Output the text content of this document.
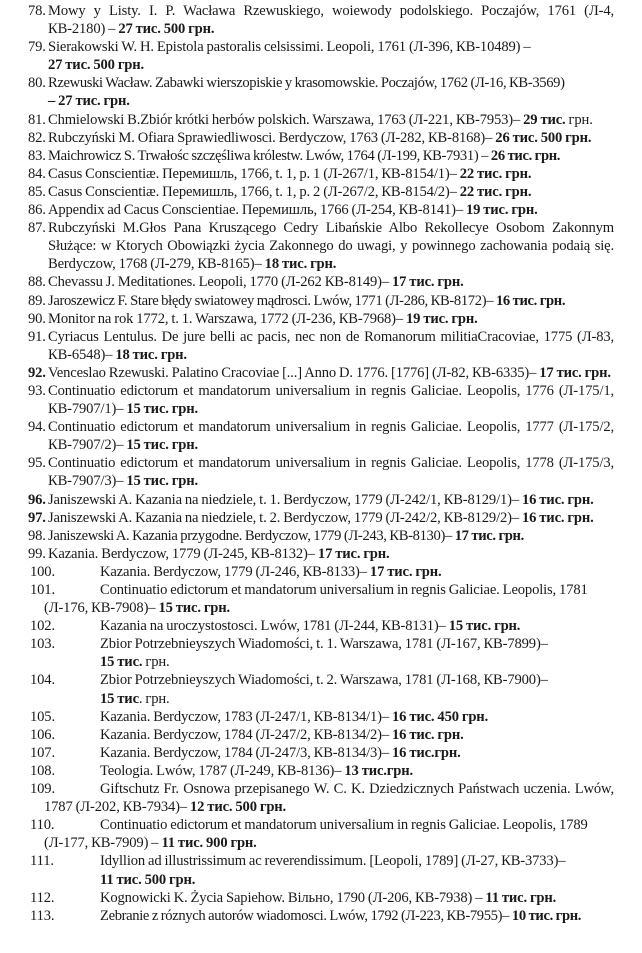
78. Mowy y Listy. I. P. Wacława Rzewuskiego, woiewody podolskiego. Poczajów, 1761 (Л-4, КВ-2180) – 27 тис. 500 грн.
79. Sierakowski W. H. Epistola pastoralis celsissimi. Leopoli, 1761 (Л-396, КВ-10489) –
27 тис. 500 грн.
80. Rzewuski Wacław. Zabawki wierszopiskie y krasomowskie. Poczajów, 1762 (Л-16, КВ-3569)
– 27 тис. грн.
81. Chmielowski B.Zbiór krótki herbów polskich. Warszawa, 1763 (Л-221, КВ-7953)– 29 тис. грн.
82. Rubczyński M. Ofiara Sprawiedliwosci. Berdyczow, 1763 (Л-282, КВ-8168)– 26 тис. 500 грн.
83. Maichrowicz S. Trwałośc szczęśliwa królestw. Lwów, 1764 (Л-199, КВ-7931) – 26 тис. грн.
84. Casus Conscientiæ. Перемишль, 1766, t. 1, p. 1 (Л-267/1, КВ-8154/1)– 22 тис. грн.
85. Casus Conscientiæ. Перемишль, 1766, t. 1, p. 2 (Л-267/2, КВ-8154/2)– 22 тис. грн.
86. Appendix ad Cacus Conscientiae. Перемишль, 1766 (Л-254, КВ-8141)– 19 тис. грн.
87. Rubczyński M.Głos Pana Kruszącego Cedry Libańskie Albo Rekollecye Osobom Zakonnym Służące: w Ktorych Obowiązki życia Zakonnego do uwagi, y powinnego zachowania podaią się. Berdyczow, 1768 (Л-279, КВ-8165)– 18 тис. грн.
88. Chevassu J. Meditationes. Leopoli, 1770 (Л-262 КВ-8149)– 17 тис. грн.
89. Jaroszewicz F. Stare błędy swiatowey mądrosci. Lwów, 1771 (Л-286, КВ-8172)– 16 тис. грн.
90. Monitor na rok 1772, t. 1. Warszawa, 1772 (Л-236, КВ-7968)– 19 тис. грн.
91. Cyriacus Lentulus. De jure belli ac pacis, nec non de Romanorum militiaCracoviae, 1775 (Л-83, КВ-6548)– 18 тис. грн.
92. Venceslao Rzewuski. Palatino Cracoviae [...] Anno D. 1776. [1776] (Л-82, КВ-6335)– 17 тис. грн.
93. Continuatio edictorum et mandatorum universalium in regnis Galiciae. Leopolis, 1776 (Л-175/1, КВ-7907/1)– 15 тис. грн.
94. Continuatio edictorum et mandatorum universalium in regnis Galiciae. Leopolis, 1777 (Л-175/2, КВ-7907/2)– 15 тис. грн.
95. Continuatio edictorum et mandatorum universalium in regnis Galiciae. Leopolis, 1778 (Л-175/3, КВ-7907/3)– 15 тис. грн.
96. Janiszewski A. Kazania na niedziele, t. 1. Berdyczow, 1779 (Л-242/1, КВ-8129/1)– 16 тис. грн.
97. Janiszewski A. Kazania na niedziele, t. 2. Berdyczow, 1779 (Л-242/2, КВ-8129/2)– 16 тис. грн.
98. Janiszewski A. Kazania przygodne. Berdyczow, 1779 (Л-243, КВ-8130)– 17 тис. грн.
99. Kazania. Berdyczow, 1779 (Л-245, КВ-8132)– 17 тис. грн.
100.	Kazania. Berdyczow, 1779 (Л-246, КВ-8133)– 17 тис. грн.
101.	Continuatio edictorum et mandatorum universalium in regnis Galiciae. Leopolis, 1781 (Л-176, КВ-7908)– 15 тис. грн.
102.	Kazania na uroczystostosci. Lwów, 1781 (Л-244, КВ-8131)– 15 тис. грн.
103.	Zbior Potrzebnieyszych Wiadomości, t. 1. Warszawa, 1781 (Л-167, КВ-7899)–
15 тис. грн.
104.	Zbior Potrzebnieyszych Wiadomości, t. 2. Warszawa, 1781 (Л-168, КВ-7900)–
15 тис. грн.
105.	Kazania. Berdyczow, 1783 (Л-247/1, КВ-8134/1)– 16 тис. 450 грн.
106.	Kazania. Berdyczow, 1784 (Л-247/2, КВ-8134/2)– 16 тис. грн.
107.	Kazania. Berdyczow, 1784 (Л-247/3, КВ-8134/3)– 16 тис.грн.
108.	Teologia. Lwów, 1787 (Л-249, КВ-8136)– 13 тис.грн.
109.	Giftschutz Fr. Osnowa przepisanego W. C. K. Dziedzicznych Państwach uczenia. Lwów, 1787 (Л-202, КВ-7934)– 12 тис. 500 грн.
110.	Continuatio edictorum et mandatorum universalium in regnis Galiciae. Leopolis, 1789 (Л-177, КВ-7909) – 11 тис. 900 грн.
111.	Idyllion ad illustrissimum ac reverendissimum. [Leopoli, 1789] (Л-27, КВ-3733)–
11 тис. 500 грн.
112.	Kognowicki K. Życia Sapiehow. Вільно, 1790 (Л-206, КВ-7938) – 11 тис. грн.
113.	Zebranie z róznych autorów wiadomosci. Lwów, 1792 (Л-223, КВ-7955)– 10 тис. грн.
